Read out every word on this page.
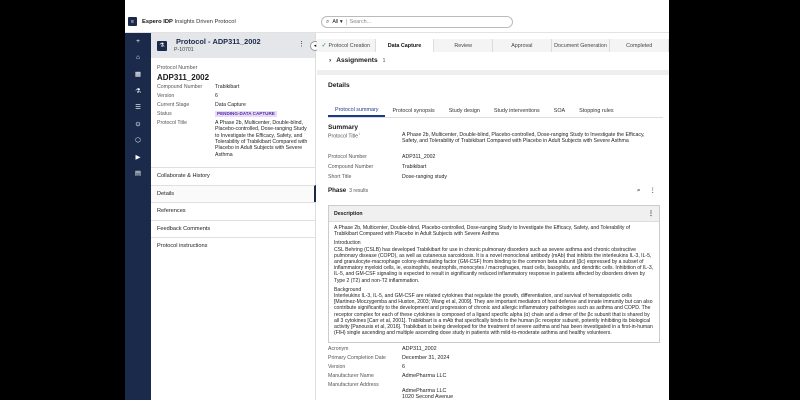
≡	Espero IDP Insights Driven Protocol	⌕ All ▾	Search...
+
⌂
▦
⚗
☰
⊙
⬡
▶
▤
⚗	Protocol - ADP311_2002
P-10701
⋮	◂
Protocol Number
ADP311_2002
Compound Number	Trabikibart
Version	6
Current Stage	Data Capture
Status	PENDING-DATA CAPTURE
Protocol Title	A Phase 2b, Multicenter, Double-blind, Placebo-controlled, Dose-ranging Study to Investigate the Efficacy, Safety, and Tolerability of Trabikibart Compared with Placebo in Adult Subjects with Severe Asthma
Collaborate & History
Details
References
Feedback Comments
Protocol instructions
✓ Protocol Creation	Data Capture	Review	Approval	Document Generation	Completed
› Assignments 1
Details
Protocol summary	Protocol synopsis	Study design	Study interventions	SOA	Stopping rules
Summary
Protocol Title $^i$	A Phase 2b, Multicenter, Double-blind, Placebo-controlled, Dose-ranging Study to Investigate the Efficacy, Safety, and Tolerability of Trabikibart Compared with Placebo in Adult Subjects with Severe Asthma
Protocol Number	ADP311_2002
Compound Number	Trabikibart
Short Title	Dose-ranging study
Phase 3 results	⌕ ⋮
Description	⋮

A Phase 2b, Multicenter, Double-blind, Placebo-controlled, Dose-ranging Study to Investigate the Efficacy, Safety, and Tolerability of Trabikibart Compared with Placebo in Adult Subjects with Severe Asthma

Introduction

CSL Behring (CSLB) has developed Trabikibart for use in chronic pulmonary disorders such as severe asthma and chronic obstructive pulmonary disease (COPD), as well as cutaneous sarcoidosis. It is a novel monoclonal antibody (mAb) that inhibits the interleukins IL-3, IL-5, and granulocyte-macrophage colony-stimulating factor (GM-CSF) from binding to the common beta subunit (βc) expressed by a subset of inflammatory myeloid cells, ie, eosinophils, neutrophils, monocytes / macrophages, mast cells, basophils, and dendritic cells. Inhibition of IL-3, IL-5, and GM-CSF signaling is expected to result in significantly reduced inflammatory response in patients affected by disorders driven by Type 2 (T2) and non-T2 inflammation.

Background

Interleukins IL-3, IL-5, and GM-CSF are related cytokines that regulate the growth, differentiation, and survival of hematopoietic cells [Martinez-Moczygemba and Huston, 2003; Wang et al, 2009]. They are important mediators of host defense and innate immunity but can also contribute significantly to the development and progression of chronic and allergic inflammatory pathologies such as asthma and COPD. The receptor complex for each of these cytokines is composed of a ligand specific alpha (α) chain and a dimer of the βc subunit that is shared by all 3 cytokines [Carr et al, 2001]. Trabikibart is a mAb that specifically binds to the human βc receptor subunit, potently inhibiting its biological activity [Panousis et al, 2016]. Trabikibart is being developed for the treatment of severe asthma and has been investigated in a first-in-human (FIH) single ascending and multiple ascending dose study in patients with mild-to-moderate asthma and healthy volunteers.

Acronym	ADP311_2002
Primary Completion Date	December 31, 2024
Version	6
Manufacturer Name	AdmePharma LLC
Manufacturer Address
AdmePharma LLC
1020 Second Avenue
